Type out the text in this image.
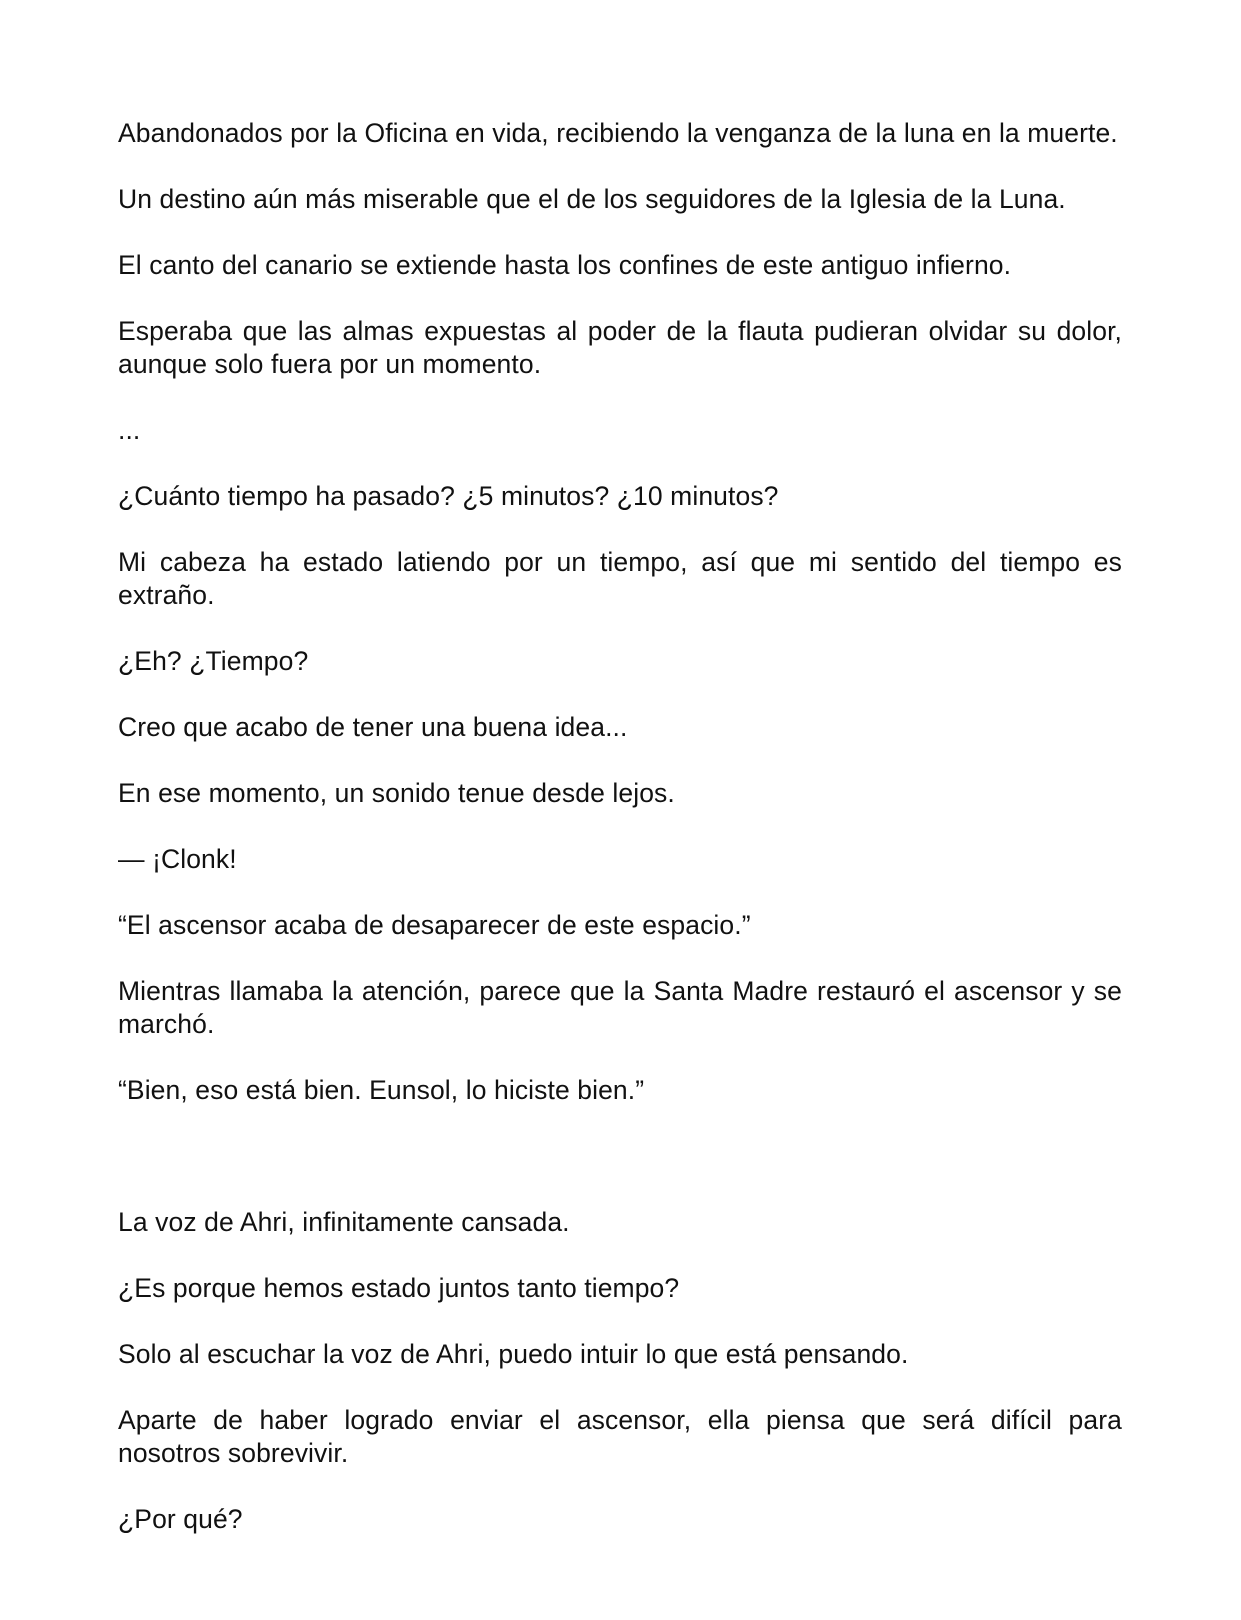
Abandonados por la Oficina en vida, recibiendo la venganza de la luna en la muerte.

Un destino aún más miserable que el de los seguidores de la Iglesia de la Luna.

El canto del canario se extiende hasta los confines de este antiguo infierno.

Esperaba que las almas expuestas al poder de la flauta pudieran olvidar su dolor, aunque solo fuera por un momento.

...

¿Cuánto tiempo ha pasado? ¿5 minutos? ¿10 minutos?

Mi cabeza ha estado latiendo por un tiempo, así que mi sentido del tiempo es extraño.

¿Eh? ¿Tiempo?

Creo que acabo de tener una buena idea...

En ese momento, un sonido tenue desde lejos.

— ¡Clonk!

“El ascensor acaba de desaparecer de este espacio.”

Mientras llamaba la atención, parece que la Santa Madre restauró el ascensor y se marchó.

“Bien, eso está bien. Eunsol, lo hiciste bien.”

La voz de Ahri, infinitamente cansada.

¿Es porque hemos estado juntos tanto tiempo?

Solo al escuchar la voz de Ahri, puedo intuir lo que está pensando.

Aparte de haber logrado enviar el ascensor, ella piensa que será difícil para nosotros sobrevivir.

¿Por qué?
